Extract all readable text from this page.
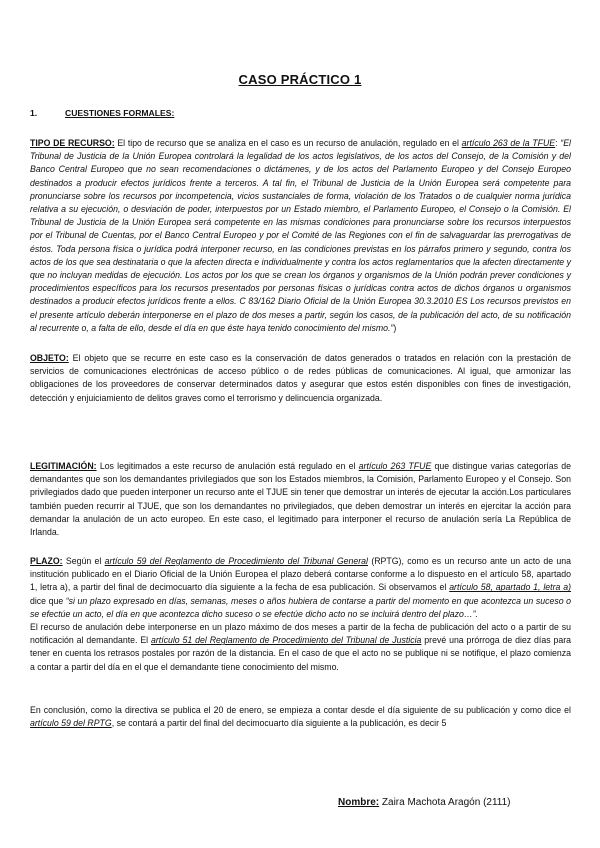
CASO PRÁCTICO 1
1.	CUESTIONES FORMALES:

TIPO DE RECURSO: El tipo de recurso que se analiza en el caso es un recurso de anulación, regulado en el artículo 263 de la TFUE: “El Tribunal de Justicia de la Unión Europea controlará la legalidad de los actos legislativos, de los actos del Consejo, de la Comisión y del Banco Central Europeo que no sean recomendaciones o dictámenes, y de los actos del Parlamento Europeo y del Consejo Europeo destinados a producir efectos jurídicos frente a terceros. A tal fin, el Tribunal de Justicia de la Unión Europea será competente para pronunciarse sobre los recursos por incompetencia, vicios sustanciales de forma, violación de los Tratados o de cualquier norma jurídica relativa a su ejecución, o desviación de poder, interpuestos por un Estado miembro, el Parlamento Europeo, el Consejo o la Comisión. El Tribunal de Justicia de la Unión Europea será competente en las mismas condiciones para pronunciarse sobre los recursos interpuestos por el Tribunal de Cuentas, por el Banco Central Europeo y por el Comité de las Regiones con el fin de salvaguardar las prerrogativas de éstos. Toda persona física o jurídica podrá interponer recurso, en las condiciones previstas en los párrafos primero y segundo, contra los actos de los que sea destinataria o que la afecten directa e individualmente y contra los actos reglamentarios que la afecten directamente y que no incluyan medidas de ejecución. Los actos por los que se crean los órganos y organismos de la Unión podrán prever condiciones y procedimientos específicos para los recursos presentados por personas físicas o jurídicas contra actos de dichos órganos u organismos destinados a producir efectos jurídicos frente a ellos. C 83/162 Diario Oficial de la Unión Europea 30.3.2010 ES Los recursos previstos en el presente artículo deberán interponerse en el plazo de dos meses a partir, según los casos, de la publicación del acto, de su notificación al recurrente o, a falta de ello, desde el día en que éste haya tenido conocimiento del mismo.”)

OBJETO: El objeto que se recurre en este caso es la conservación de datos generados o tratados en relación con la prestación de servicios de comunicaciones electrónicas de acceso público o de redes públicas de comunicaciones. Al igual, que armonizar las obligaciones de los proveedores de conservar determinados datos y asegurar que estos estén disponibles con fines de investigación, detección y enjuiciamiento de delitos graves como el terrorismo y delincuencia organizada.

LEGITIMACIÓN: Los legitimados a este recurso de anulación está regulado en el artículo 263 TFUE que distingue varias categorías de demandantes que son los demandantes privilegiados que son los Estados miembros, la Comisión, Parlamento Europeo y el Consejo. Son privilegiados dado que pueden interponer un recurso ante el TJUE sin tener que demostrar un interés de ejecutar la acción.Los particulares también pueden recurrir al TJUE, que son los demandantes no privilegiados, que deben demostrar un interés en ejercitar la acción para demandar la anulación de un acto europeo. En este caso, el legitimado para interponer el recurso de anulación sería La República de Irlanda.

PLAZO: Según el artículo 59 del Reglamento de Procedimiento del Tribunal General (RPTG), como es un recurso ante un acto de una institución publicado en el Diario Oficial de la Unión Europea el plazo deberá contarse conforme a lo dispuesto en el artículo 58, apartado 1, letra a), a partir del final de decimocuarto día siguiente a la fecha de esa publicación. Si observamos el artículo 58, apartado 1, letra a) dice que “si un plazo expresado en días, semanas, meses o años hubiera de contarse a partir del momento en que acontezca un suceso o se efectúe un acto, el día en que acontezca dicho suceso o se efectúe dicho acto no se incluirá dentro del plazo…”.

El recurso de anulación debe interponerse en un plazo máximo de dos meses a partir de la fecha de publicación del acto o a partir de su notificación al demandante. El artículo 51 del Reglamento de Procedimiento del Tribunal de Justicia prevé una prórroga de diez días para tener en cuenta los retrasos postales por razón de la distancia. En el caso de que el acto no se publique ni se notifique, el plazo comienza a contar a partir del día en el que el demandante tiene conocimiento del mismo.

En conclusión, como la directiva se publica el 20 de enero, se empieza a contar desde el día siguiente de su publicación y como dice el artículo 59 del RPTG, se contará a partir del final del decimocuarto día siguiente a la publicación, es decir 5

Nombre: Zaira Machota Aragón (2111)
